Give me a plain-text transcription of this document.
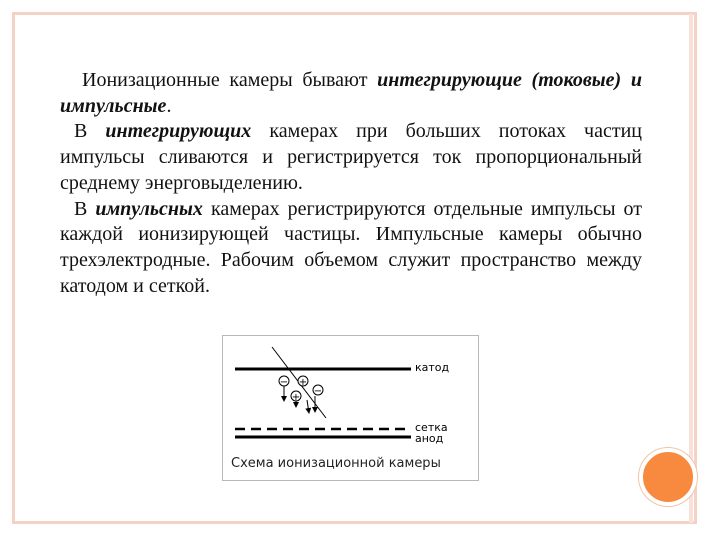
Ионизационные камеры бывают интегрирующие (токовые) и импульсные.

В интегрирующих камерах при больших потоках частиц импульсы сливаются и регистрируется ток пропорциональный среднему энерговыделению.

В импульсных камерах регистрируются отдельные импульсы от каждой ионизирующей частицы. Импульсные камеры обычно трехэлектродные. Рабочим объемом служит пространство между катодом и сеткой.

катод
сетка
анод
− +
+
−
Схема ионизационной камеры
